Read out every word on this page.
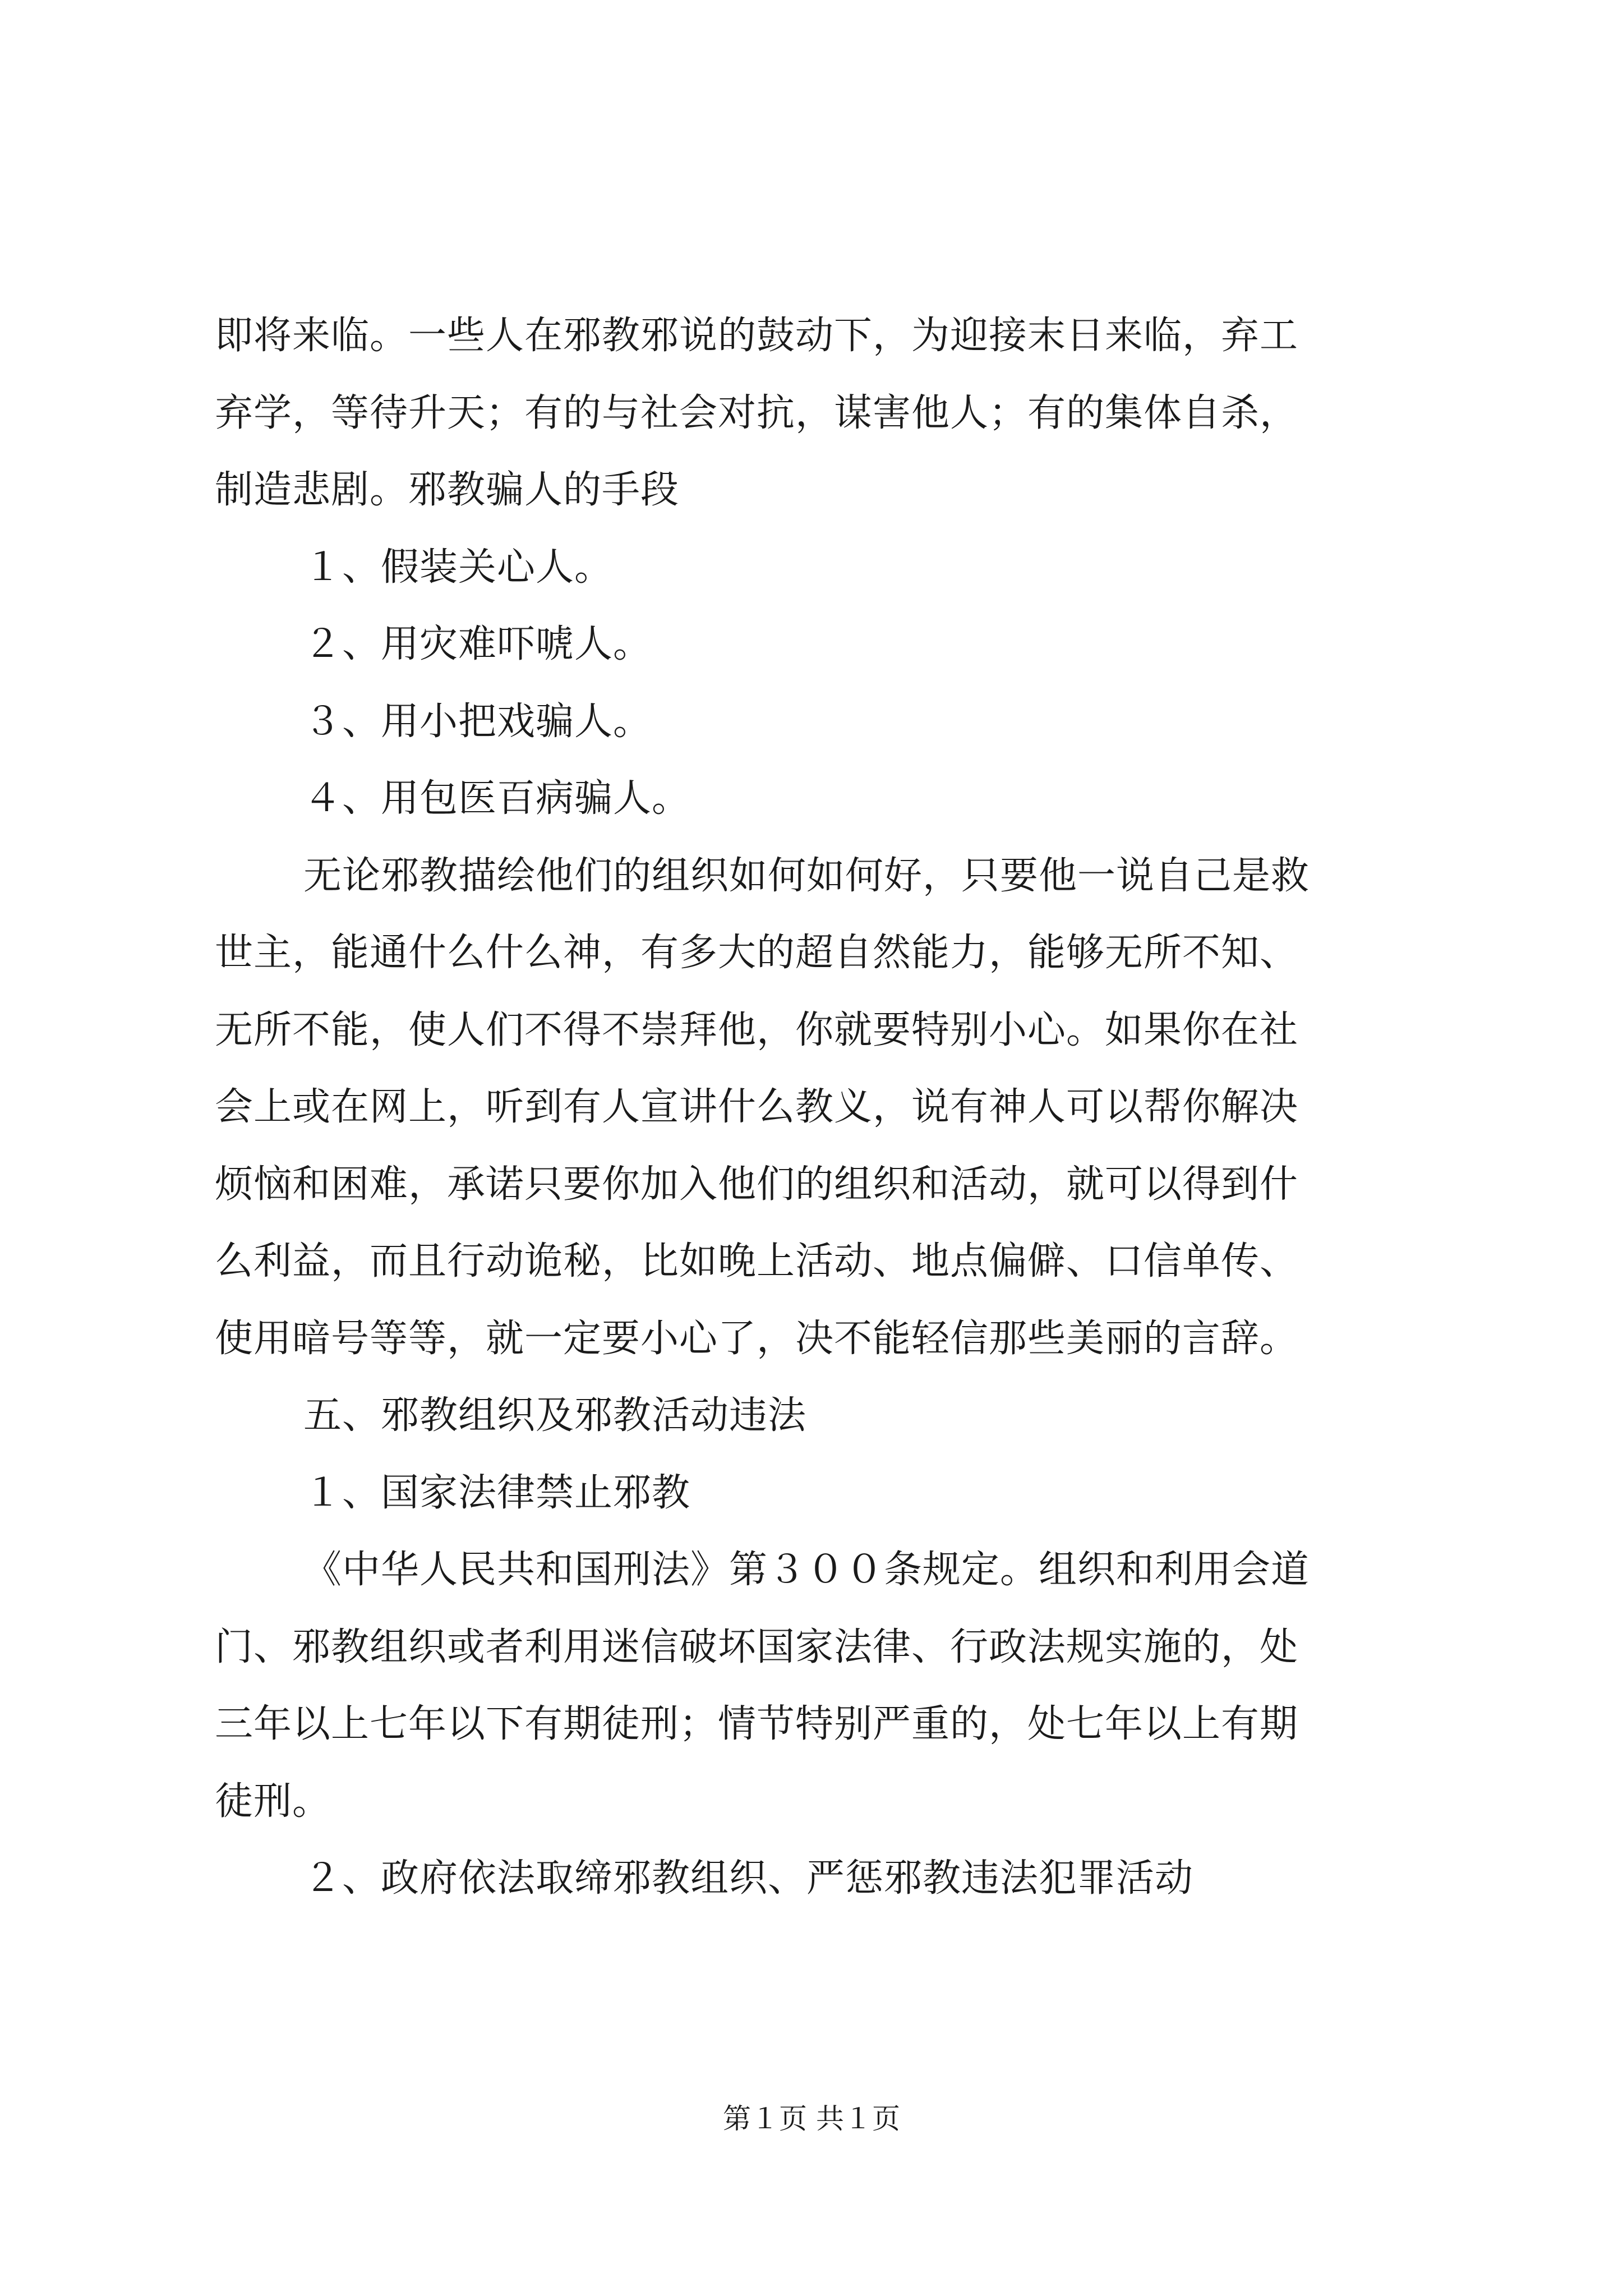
即将来临。一些人在邪教邪说的鼓动下，为迎接末日来临，弃工
弃学，等待升天；有的与社会对抗，谋害他人；有的集体自杀，
制造悲剧。邪教骗人的手段
１、假装关心人。
２、用灾难吓唬人。
３、用小把戏骗人。
４、用包医百病骗人。
无论邪教描绘他们的组织如何如何好，只要他一说自己是救
世主，能通什么什么神，有多大的超自然能力，能够无所不知、
无所不能，使人们不得不崇拜他，你就要特别小心。如果你在社
会上或在网上，听到有人宣讲什么教义，说有神人可以帮你解决
烦恼和困难，承诺只要你加入他们的组织和活动，就可以得到什
么利益，而且行动诡秘，比如晚上活动、地点偏僻、口信单传、
使用暗号等等，就一定要小心了，决不能轻信那些美丽的言辞。
五、邪教组织及邪教活动违法
１、国家法律禁止邪教
《中华人民共和国刑法》第３００条规定。组织和利用会道
门、邪教组织或者利用迷信破坏国家法律、行政法规实施的，处
三年以上七年以下有期徒刑；情节特别严重的，处七年以上有期
徒刑。
２、政府依法取缔邪教组织、严惩邪教违法犯罪活动
第１页 共１页
